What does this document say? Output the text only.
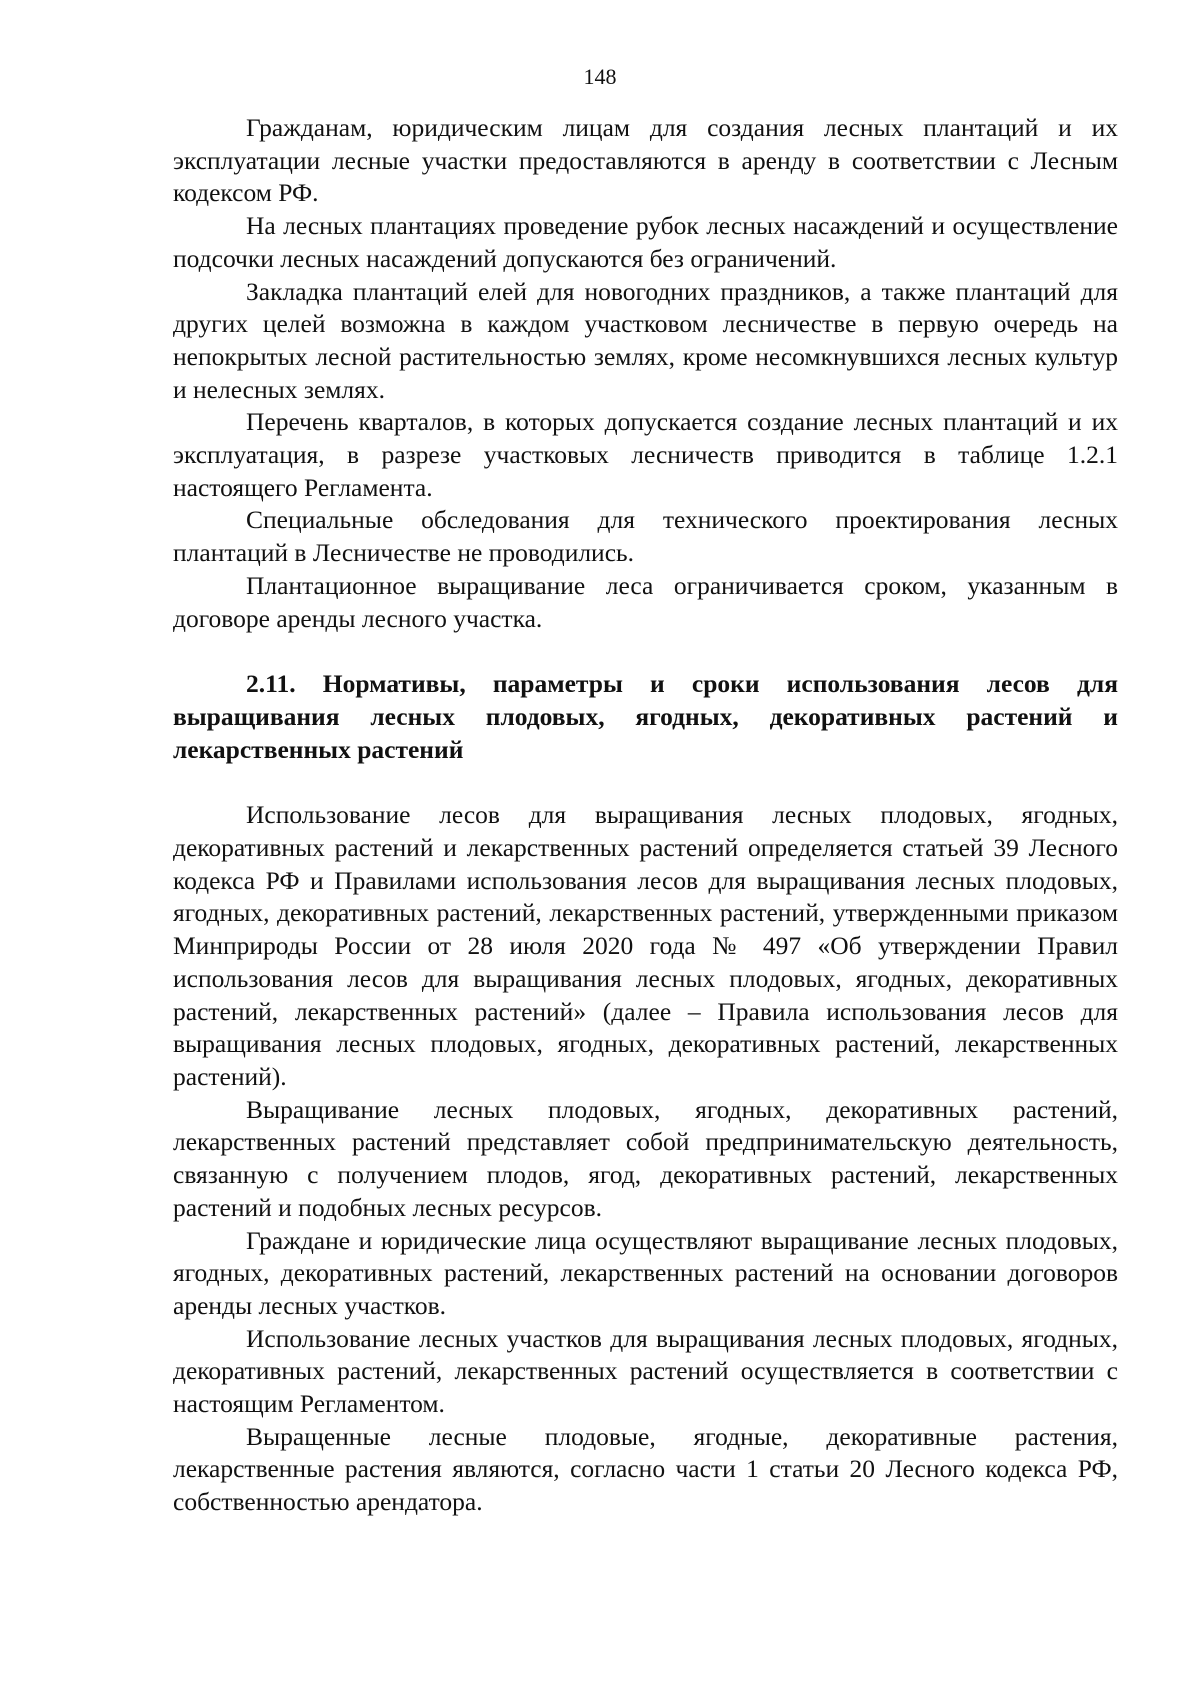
148

Гражданам, юридическим лицам для создания лесных плантаций и их эксплуатации лесные участки предоставляются в аренду в соответствии с Лесным кодексом РФ.

На лесных плантациях проведение рубок лесных насаждений и осуществление подсочки лесных насаждений допускаются без ограничений.

Закладка плантаций елей для новогодних праздников, а также плантаций для других целей возможна в каждом участковом лесничестве в первую очередь на непокрытых лесной растительностью землях, кроме несомкнувшихся лесных культур и нелесных землях.

Перечень кварталов, в которых допускается создание лесных плантаций и их эксплуатация, в разрезе участковых лесничеств приводится в таблице 1.2.1 настоящего Регламента.

Специальные обследования для технического проектирования лесных плантаций в Лесничестве не проводились.

Плантационное выращивание леса ограничивается сроком, указанным в договоре аренды лесного участка.

2.11. Нормативы, параметры и сроки использования лесов для выращивания лесных плодовых, ягодных, декоративных растений и лекарственных растений

Использование лесов для выращивания лесных плодовых, ягодных, декоративных растений и лекарственных растений определяется статьей 39 Лесного кодекса РФ и Правилами использования лесов для выращивания лесных плодовых, ягодных, декоративных растений, лекарственных растений, утвержденными приказом Минприроды России от 28 июля 2020 года № 497 «Об утверждении Правил использования лесов для выращивания лесных плодовых, ягодных, декоративных растений, лекарственных растений» (далее – Правила использования лесов для выращивания лесных плодовых, ягодных, декоративных растений, лекарственных растений).

Выращивание лесных плодовых, ягодных, декоративных растений, лекарственных растений представляет собой предпринимательскую деятельность, связанную с получением плодов, ягод, декоративных растений, лекарственных растений и подобных лесных ресурсов.

Граждане и юридические лица осуществляют выращивание лесных плодовых, ягодных, декоративных растений, лекарственных растений на основании договоров аренды лесных участков.

Использование лесных участков для выращивания лесных плодовых, ягодных, декоративных растений, лекарственных растений осуществляется в соответствии с настоящим Регламентом.

Выращенные лесные плодовые, ягодные, декоративные растения, лекарственные растения являются, согласно части 1 статьи 20 Лесного кодекса РФ, собственностью арендатора.
